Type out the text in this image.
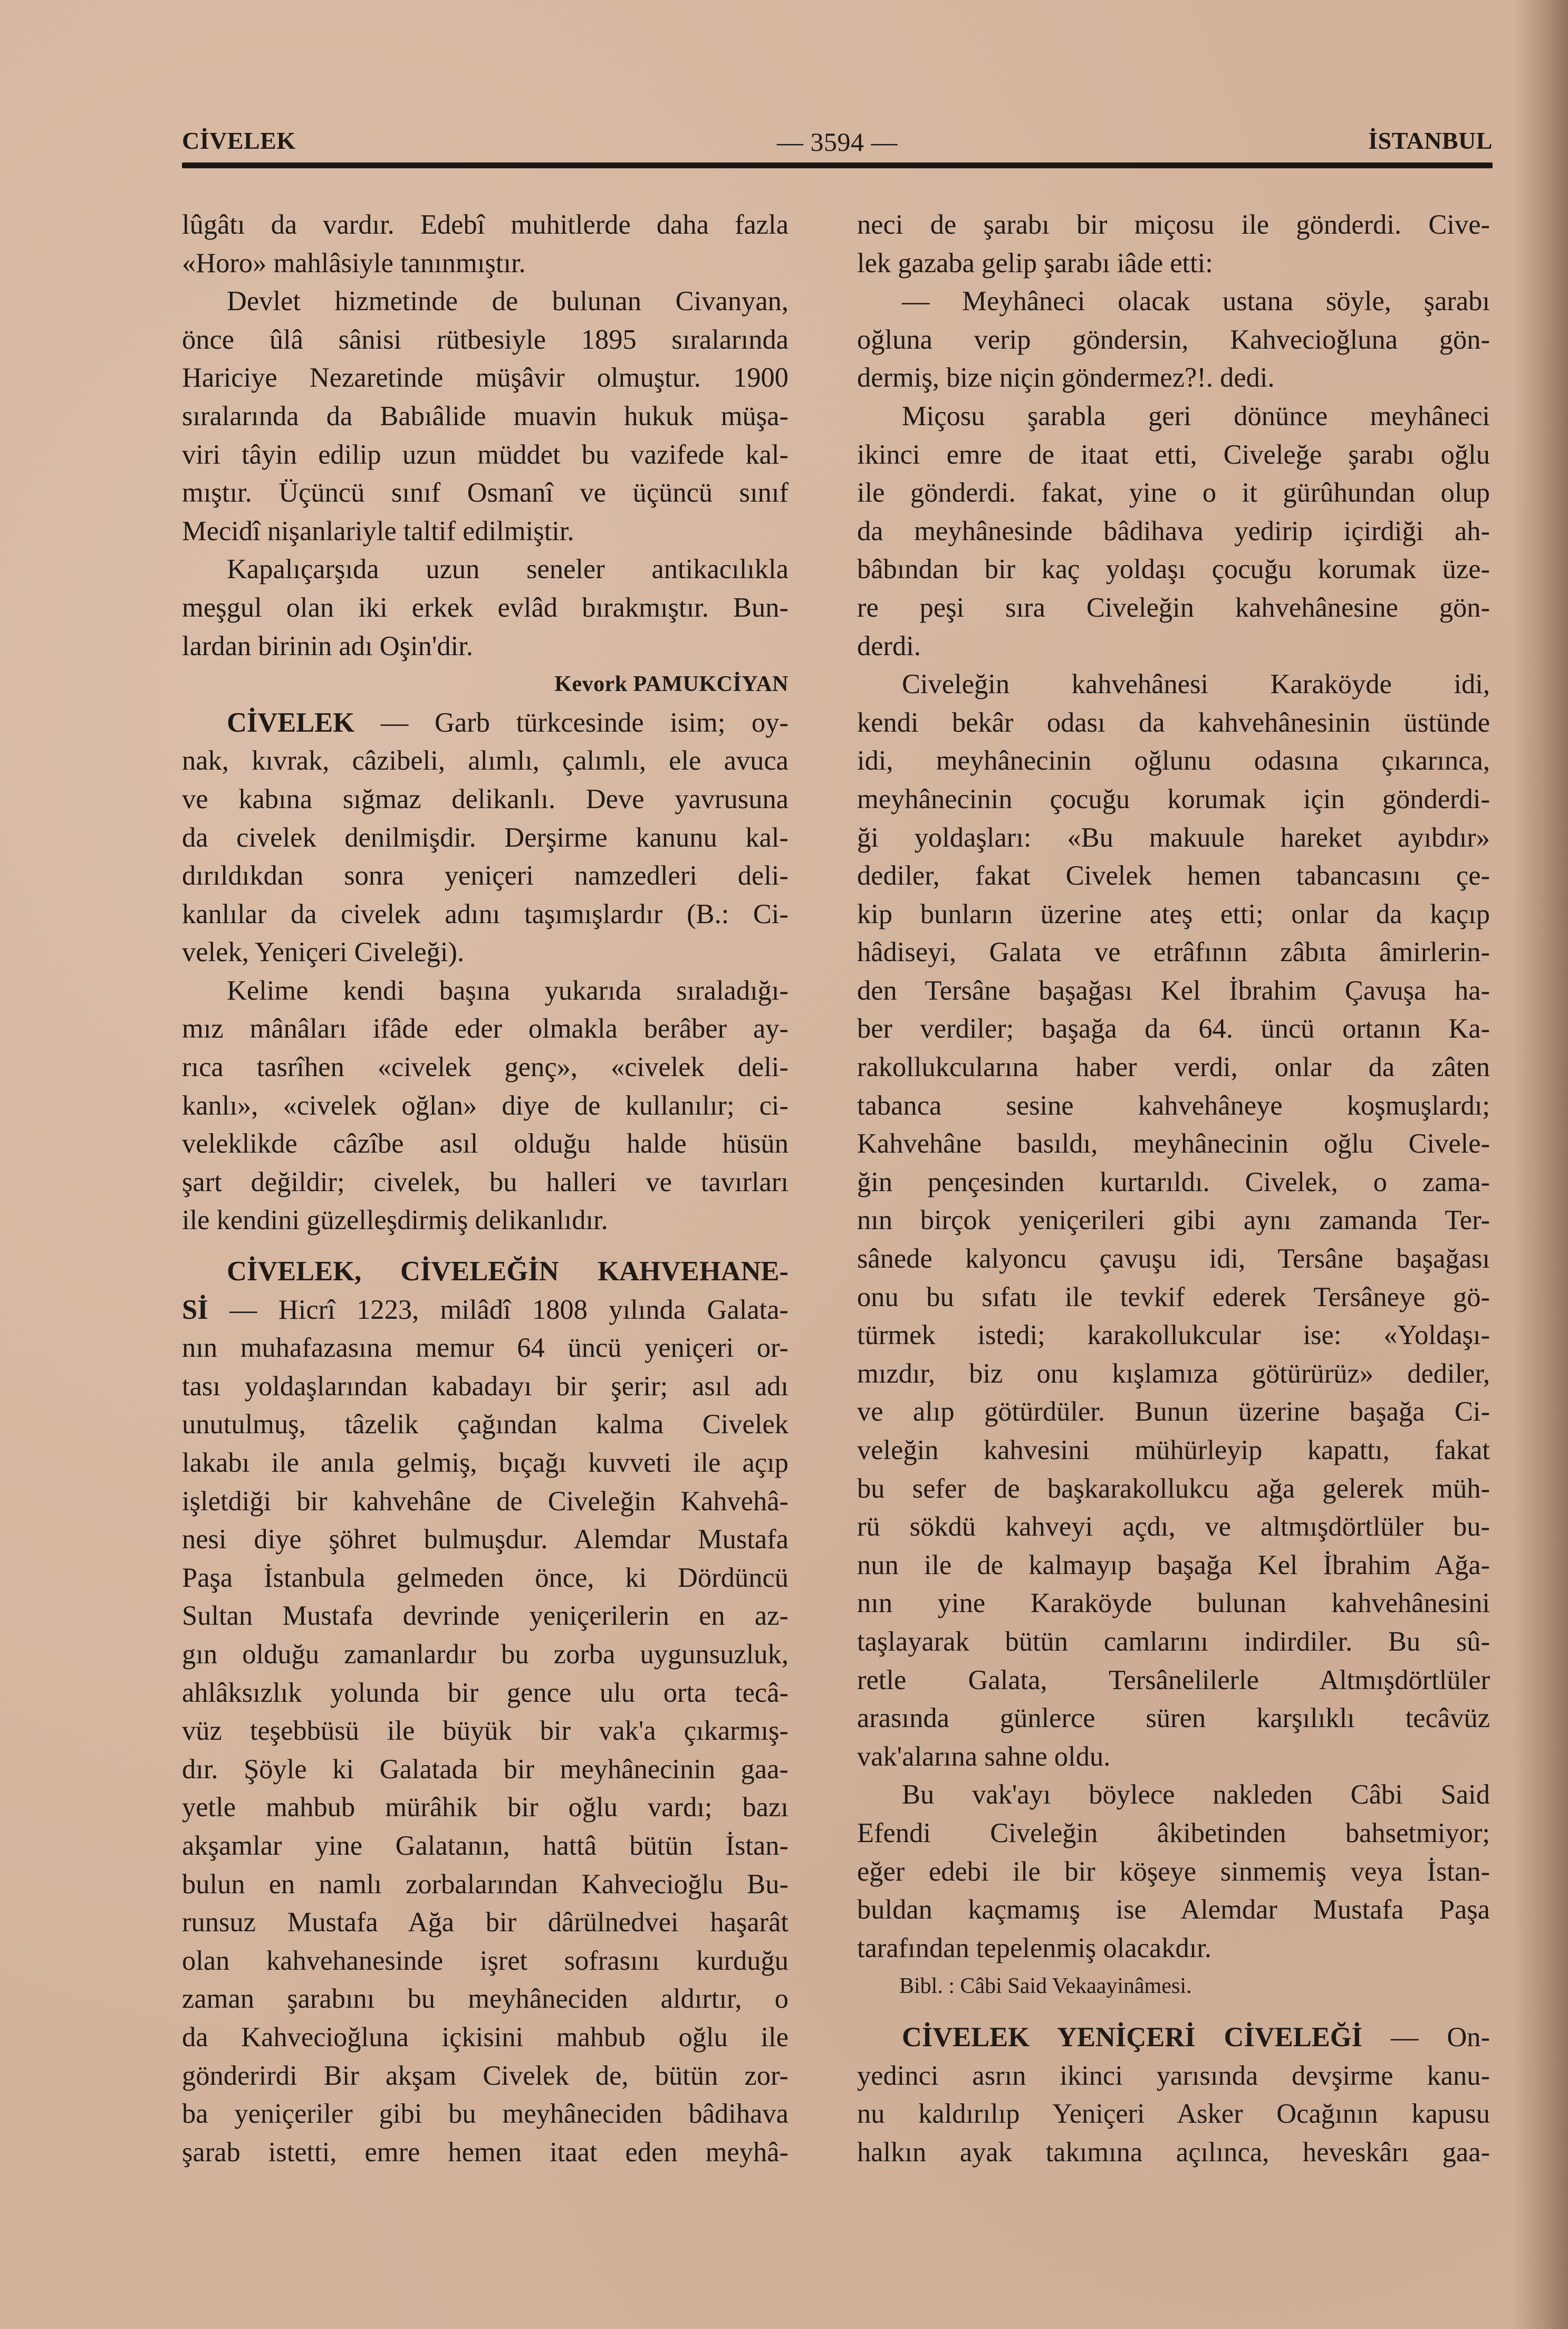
CİVELEK	— 3594 —	İSTANBUL
lûgâtı da vardır. Edebî muhitlerde daha fazla
«Horo» mahlâsiyle tanınmıştır.
Devlet hizmetinde de bulunan Civanyan,
önce ûlâ sânisi rütbesiyle 1895 sıralarında
Hariciye Nezaretinde müşâvir olmuştur. 1900
sıralarında da Babıâlide muavin hukuk müşa-
viri tâyin edilip uzun müddet bu vazifede kal-
mıştır. Üçüncü sınıf Osmanî ve üçüncü sınıf
Mecidî nişanlariyle taltif edilmiştir.
Kapalıçarşıda uzun seneler antikacılıkla
meşgul olan iki erkek evlâd bırakmıştır. Bun-
lardan birinin adı Oşin'dir.
Kevork PAMUKCİYAN
CİVELEK — Garb türkcesinde isim; oy-
nak, kıvrak, câzibeli, alımlı, çalımlı, ele avuca
ve kabına sığmaz delikanlı. Deve yavrusuna
da civelek denilmişdir. Derşirme kanunu kal-
dırıldıkdan sonra yeniçeri namzedleri deli-
kanlılar da civelek adını taşımışlardır (B.: Ci-
velek, Yeniçeri Civeleği).
Kelime kendi başına yukarıda sıraladığı-
mız mânâları ifâde eder olmakla berâber ay-
rıca tasrîhen «civelek genç», «civelek deli-
kanlı», «civelek oğlan» diye de kullanılır; ci-
veleklikde câzîbe asıl olduğu halde hüsün
şart değildir; civelek, bu halleri ve tavırları
ile kendini güzelleşdirmiş delikanlıdır.
CİVELEK, CİVELEĞİN KAHVEHANE-
Sİ — Hicrî 1223, milâdî 1808 yılında Galata-
nın muhafazasına memur 64 üncü yeniçeri or-
tası yoldaşlarından kabadayı bir şerir; asıl adı
unutulmuş, tâzelik çağından kalma Civelek
lakabı ile anıla gelmiş, bıçağı kuvveti ile açıp
işletdiği bir kahvehâne de Civeleğin Kahvehâ-
nesi diye şöhret bulmuşdur. Alemdar Mustafa
Paşa İstanbula gelmeden önce, ki Dördüncü
Sultan Mustafa devrinde yeniçerilerin en az-
gın olduğu zamanlardır bu zorba uygunsuzluk,
ahlâksızlık yolunda bir gence ulu orta tecâ-
vüz teşebbüsü ile büyük bir vak'a çıkarmış-
dır. Şöyle ki Galatada bir meyhânecinin gaa-
yetle mahbub mürâhik bir oğlu vardı; bazı
akşamlar yine Galatanın, hattâ bütün İstan-
bulun en namlı zorbalarından Kahvecioğlu Bu-
runsuz Mustafa Ağa bir dârülnedvei haşarât
olan kahvehanesinde işret sofrasını kurduğu
zaman şarabını bu meyhâneciden aldırtır, o
da Kahvecioğluna içkisini mahbub oğlu ile
gönderirdi Bir akşam Civelek de, bütün zor-
ba yeniçeriler gibi bu meyhâneciden bâdihava
şarab istetti, emre hemen itaat eden meyhâ-
neci de şarabı bir miçosu ile gönderdi. Cive-
lek gazaba gelip şarabı iâde etti:
— Meyhâneci olacak ustana söyle, şarabı
oğluna verip göndersin, Kahvecioğluna gön-
dermiş, bize niçin göndermez?!. dedi.
Miçosu şarabla geri dönünce meyhâneci
ikinci emre de itaat etti, Civeleğe şarabı oğlu
ile gönderdi. fakat, yine o it gürûhundan olup
da meyhânesinde bâdihava yedirip içirdiği ah-
bâbından bir kaç yoldaşı çocuğu korumak üze-
re peşi sıra Civeleğin kahvehânesine gön-
derdi.
Civeleğin kahvehânesi Karaköyde idi,
kendi bekâr odası da kahvehânesinin üstünde
idi, meyhânecinin oğlunu odasına çıkarınca,
meyhânecinin çocuğu korumak için gönderdi-
ği yoldaşları: «Bu makuule hareket ayıbdır»
dediler, fakat Civelek hemen tabancasını çe-
kip bunların üzerine ateş etti; onlar da kaçıp
hâdiseyi, Galata ve etrâfının zâbıta âmirlerin-
den Tersâne başağası Kel İbrahim Çavuşa ha-
ber verdiler; başağa da 64. üncü ortanın Ka-
rakollukcularına haber verdi, onlar da zâten
tabanca sesine kahvehâneye koşmuşlardı;
Kahvehâne basıldı, meyhânecinin oğlu Civele-
ğin pençesinden kurtarıldı. Civelek, o zama-
nın birçok yeniçerileri gibi aynı zamanda Ter-
sânede kalyoncu çavuşu idi, Tersâne başağası
onu bu sıfatı ile tevkif ederek Tersâneye gö-
türmek istedi; karakollukcular ise: «Yoldaşı-
mızdır, biz onu kışlamıza götürürüz» dediler,
ve alıp götürdüler. Bunun üzerine başağa Ci-
veleğin kahvesini mühürleyip kapattı, fakat
bu sefer de başkarakollukcu ağa gelerek müh-
rü sökdü kahveyi açdı, ve altmışdörtlüler bu-
nun ile de kalmayıp başağa Kel İbrahim Ağa-
nın yine Karaköyde bulunan kahvehânesini
taşlayarak bütün camlarını indirdiler. Bu sû-
retle Galata, Tersânelilerle Altmışdörtlüler
arasında günlerce süren karşılıklı tecâvüz
vak'alarına sahne oldu.
Bu vak'ayı böylece nakleden Câbi Said
Efendi Civeleğin âkibetinden bahsetmiyor;
eğer edebi ile bir köşeye sinmemiş veya İstan-
buldan kaçmamış ise Alemdar Mustafa Paşa
tarafından tepelenmiş olacakdır.
Bibl. : Câbi Said Vekaayinâmesi.
CİVELEK YENİÇERİ CİVELEĞİ — On-
yedinci asrın ikinci yarısında devşirme kanu-
nu kaldırılıp Yeniçeri Asker Ocağının kapusu
halkın ayak takımına açılınca, heveskârı gaa-
